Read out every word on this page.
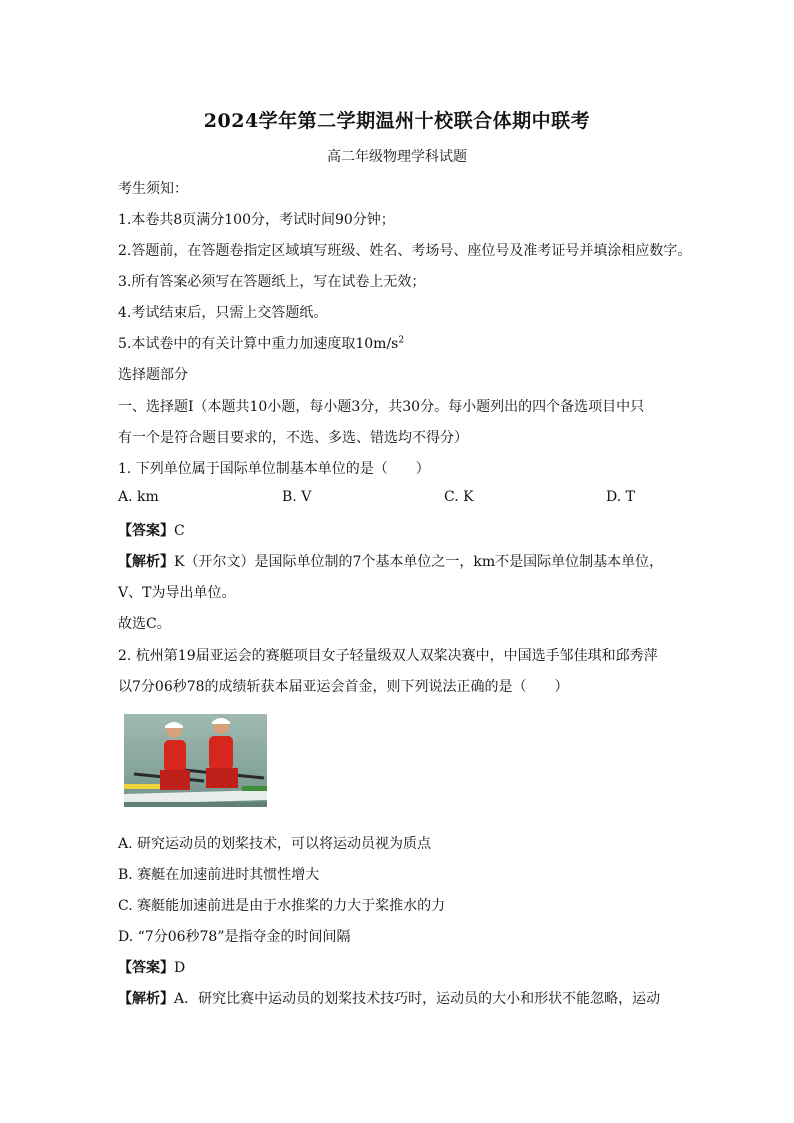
2024学年第二学期温州十校联合体期中联考
高二年级物理学科试题
考生须知：
1.本卷共8页满分100分，考试时间90分钟；
2.答题前，在答题卷指定区域填写班级、姓名、考场号、座位号及准考证号并填涂相应数字。
3.所有答案必须写在答题纸上，写在试卷上无效；
4.考试结束后，只需上交答题纸。
5.本试卷中的有关计算中重力加速度取$10m/s^2$
选择题部分
一、选择题Ⅰ（本题共10小题，每小题3分，共30分。每小题列出的四个备选项目中只
有一个是符合题目要求的，不选、多选、错选均不得分）
1. 下列单位属于国际单位制基本单位的是（　　）
A. km	B. V	C. K	D. T
【答案】C
【解析】K（开尔文）是国际单位制的7个基本单位之一，km不是国际单位制基本单位，
V、T为导出单位。
故选C。
2. 杭州第19届亚运会的赛艇项目女子轻量级双人双桨决赛中，中国选手邹佳琪和邱秀萍
以7分06秒78的成绩斩获本届亚运会首金，则下列说法正确的是（　　）
A. 研究运动员的划桨技术，可以将运动员视为质点
B. 赛艇在加速前进时其惯性增大
C. 赛艇能加速前进是由于水推桨的力大于桨推水的力
D. “7分06秒78”是指夺金的时间间隔
【答案】D
【解析】A．研究比赛中运动员的划桨技术技巧时，运动员的大小和形状不能忽略，运动
